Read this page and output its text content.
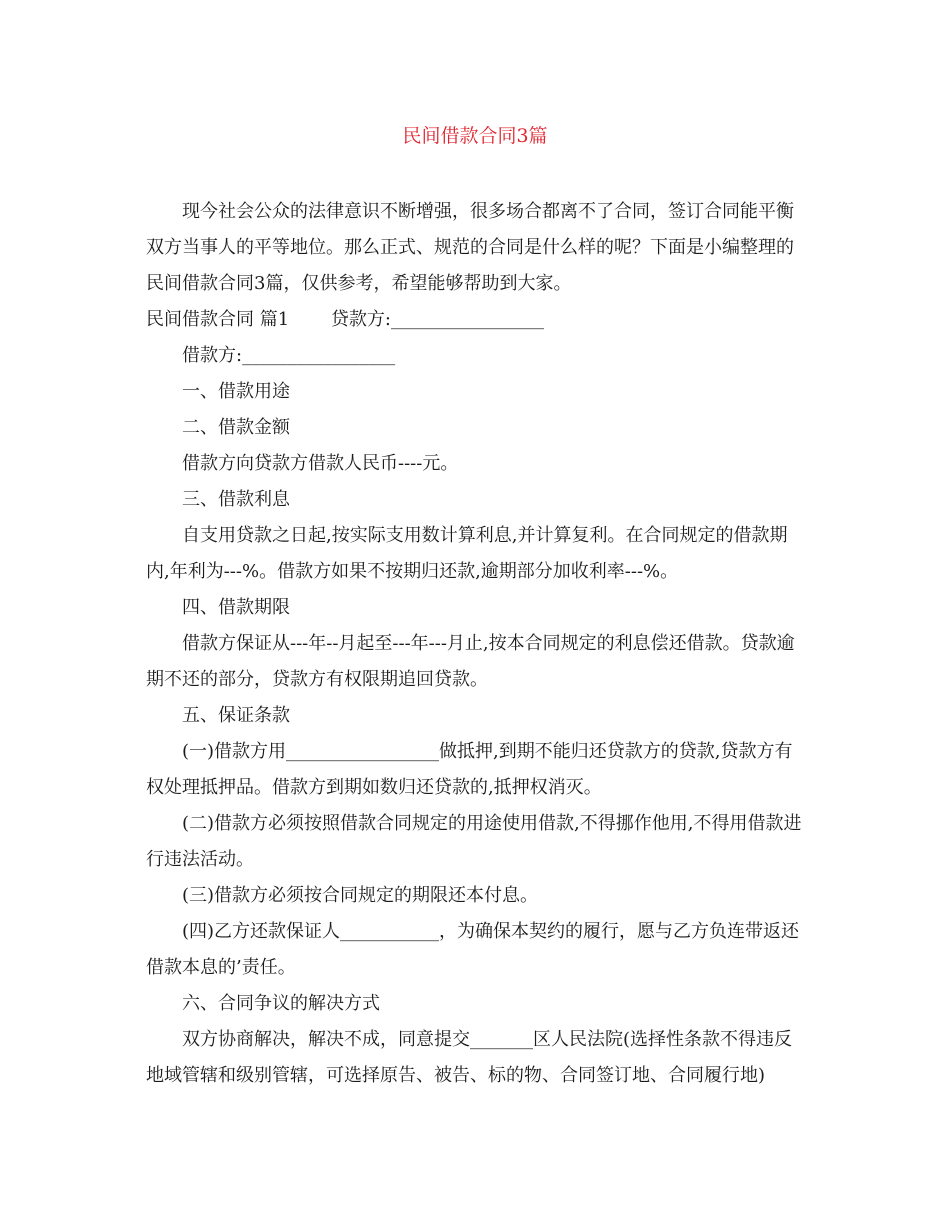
民间借款合同3篇

现今社会公众的法律意识不断增强，很多场合都离不了合同，签订合同能平衡双方当事人的平等地位。那么正式、规范的合同是什么样的呢？下面是小编整理的民间借款合同3篇，仅供参考，希望能够帮助到大家。

民间借款合同 篇1　　 贷款方:_________________

借款方:_________________

一、借款用途

二、借款金额

借款方向贷款方借款人民币----元。

三、借款利息

自支用贷款之日起,按实际支用数计算利息,并计算复利。在合同规定的借款期内,年利为---%。借款方如果不按期归还款,逾期部分加收利率---%。

四、借款期限

借款方保证从---年--月起至---年---月止,按本合同规定的利息偿还借款。贷款逾期不还的部分，贷款方有权限期追回贷款。

五、保证条款

(一)借款方用_________________做抵押,到期不能归还贷款方的贷款,贷款方有权处理抵押品。借款方到期如数归还贷款的,抵押权消灭。

(二)借款方必须按照借款合同规定的用途使用借款,不得挪作他用,不得用借款进行违法活动。

(三)借款方必须按合同规定的期限还本付息。

(四)乙方还款保证人___________，为确保本契约的履行，愿与乙方负连带返还借款本息的’责任。

六、合同争议的解决方式

双方协商解决，解决不成，同意提交_______区人民法院(选择性条款不得违反地域管辖和级别管辖，可选择原告、被告、标的物、合同签订地、合同履行地)
